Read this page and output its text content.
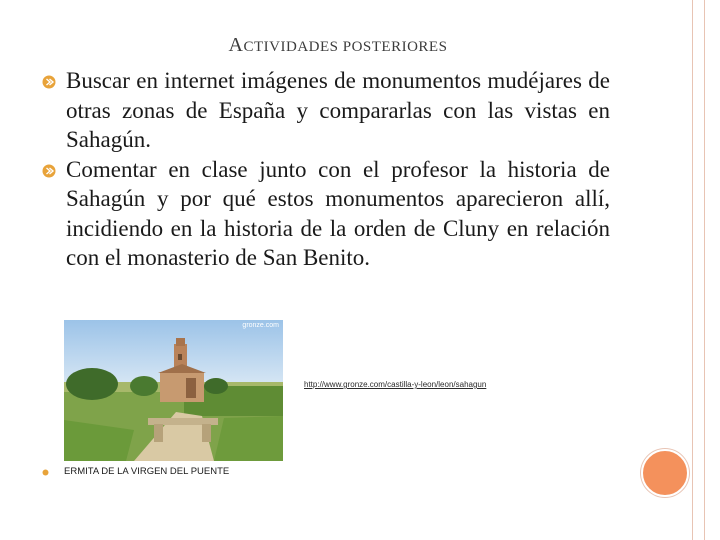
ACTIVIDADES POSTERIORES
Buscar en internet imágenes de monumentos mudéjares de otras zonas de España y compararlas con las vistas en Sahagún.
Comentar en clase junto con el profesor la historia de Sahagún y por qué estos monumentos aparecieron allí, incidiendo en la historia de la orden de Cluny en relación con el monasterio de San Benito.
gronze.com
http://www.gronze.com/castilla-y-leon/leon/sahagun
ERMITA DE LA VIRGEN DEL PUENTE
